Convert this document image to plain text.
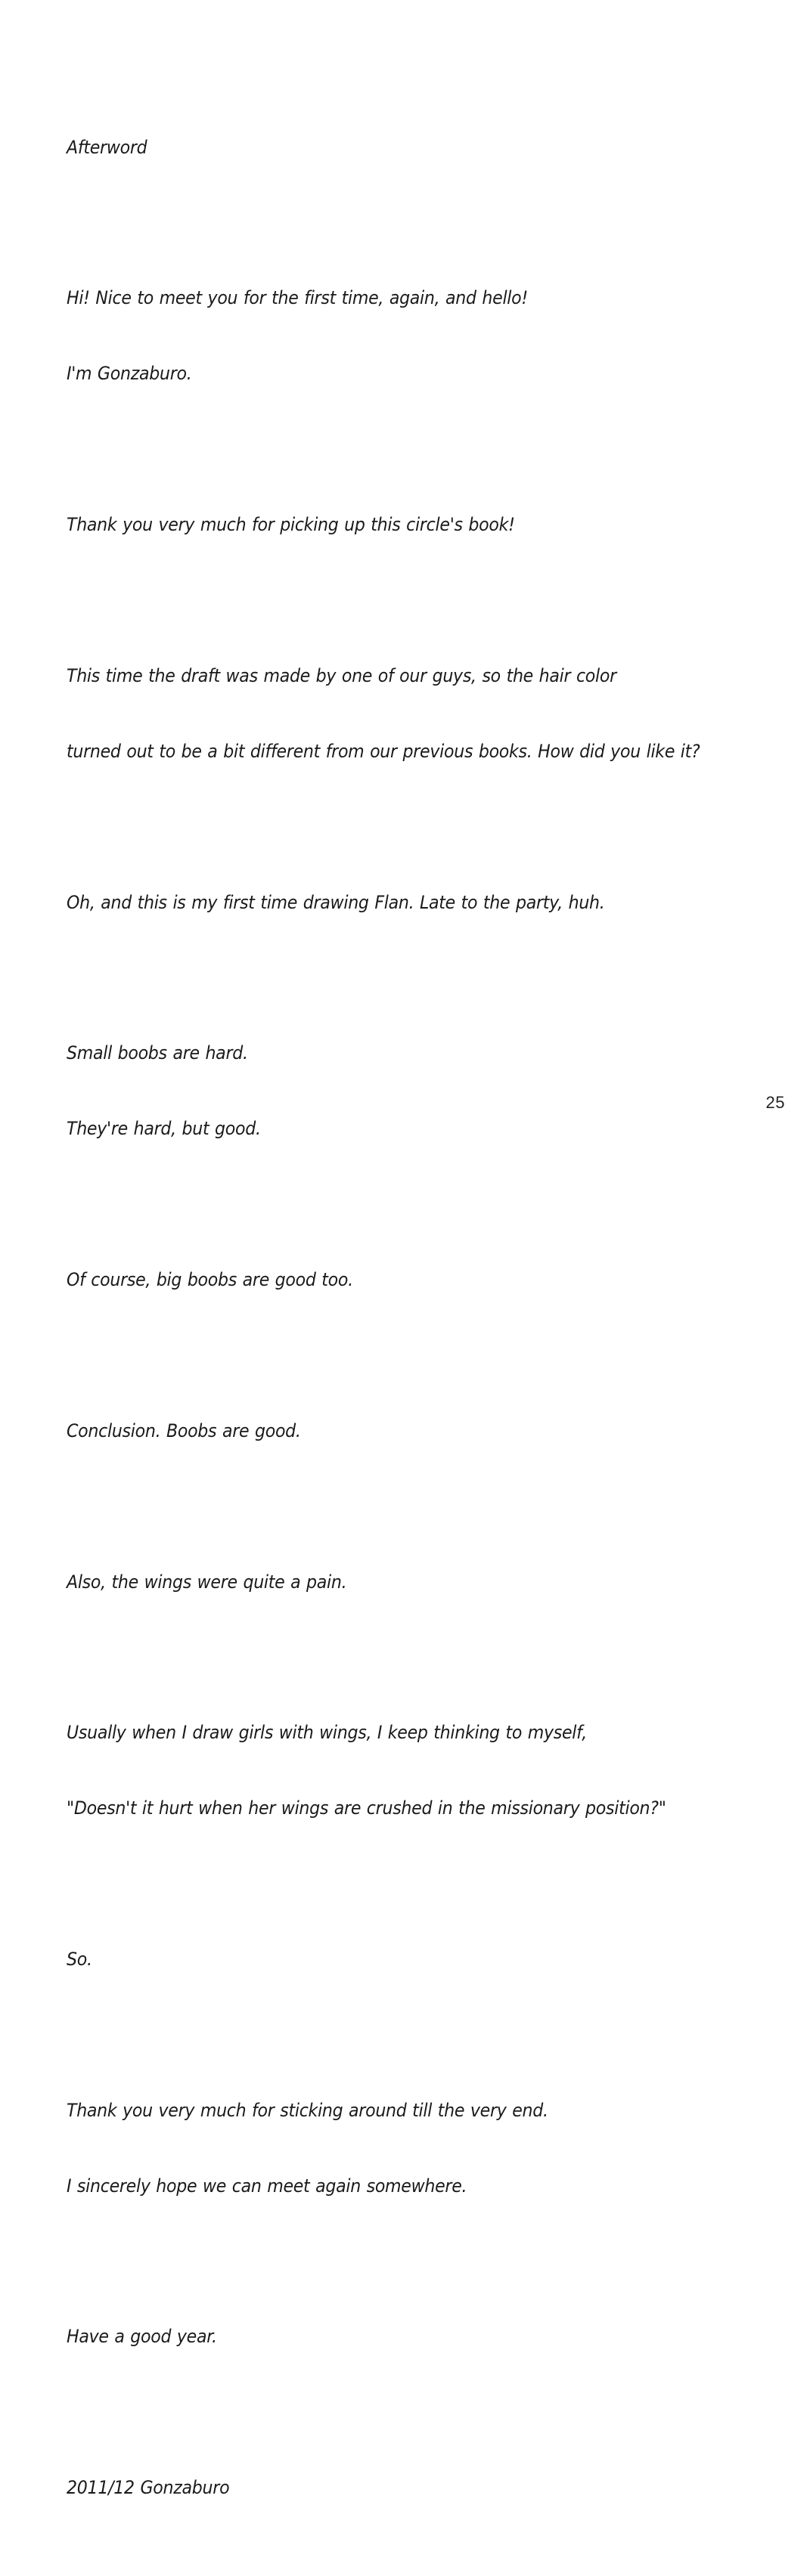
Afterword

Hi! Nice to meet you for the first time, again, and hello!

I'm Gonzaburo.

Thank you very much for picking up this circle's book!

This time the draft was made by one of our guys, so the hair color

turned out to be a bit different from our previous books. How did you like it?

Oh, and this is my first time drawing Flan. Late to the party, huh.

Small boobs are hard.

They're hard, but good.

Of course, big boobs are good too.

Conclusion. Boobs are good.

Also, the wings were quite a pain.

Usually when I draw girls with wings, I keep thinking to myself,

"Doesn't it hurt when her wings are crushed in the missionary position?"

So.

Thank you very much for sticking around till the very end.

I sincerely hope we can meet again somewhere.

Have a good year.

2011/12 Gonzaburo

25
